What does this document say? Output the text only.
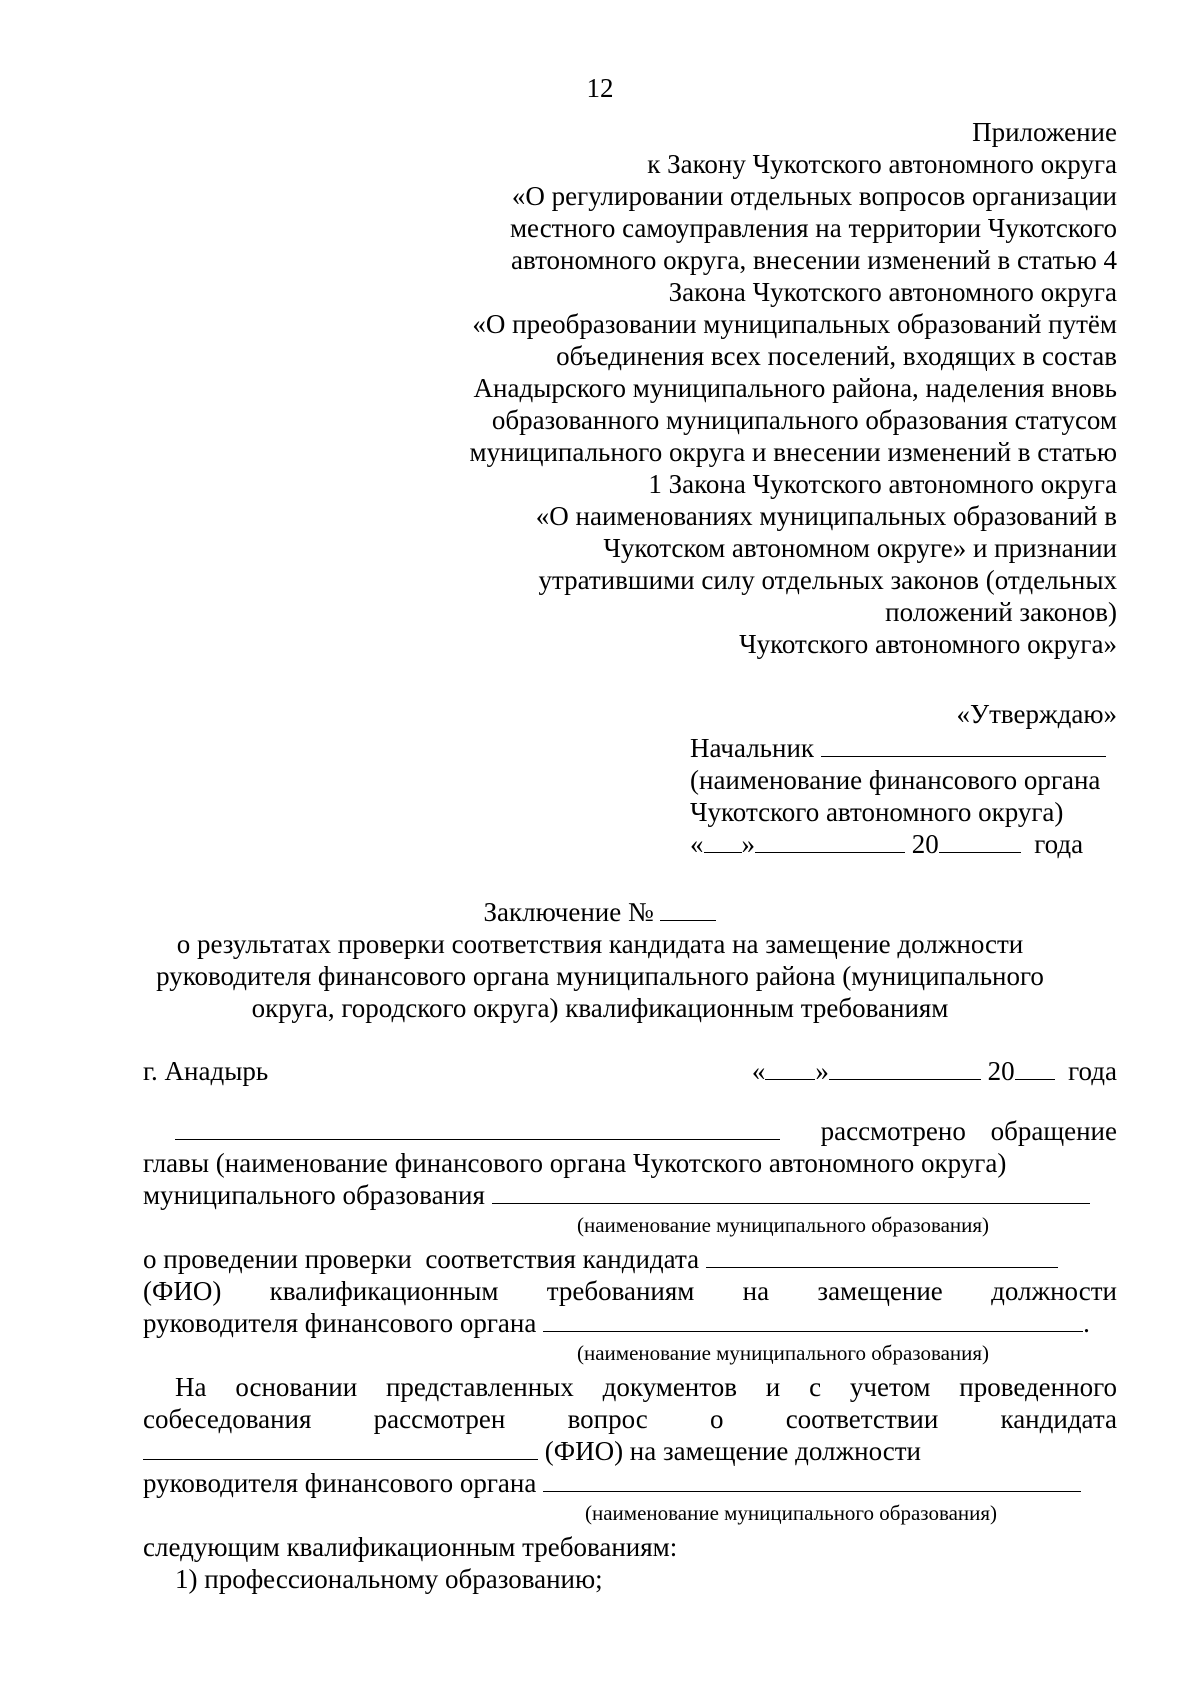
12
Приложение
к Закону Чукотского автономного округа
«О регулировании отдельных вопросов организации
местного самоуправления на территории Чукотского
автономного округа, внесении изменений в статью 4
Закона Чукотского автономного округа
«О преобразовании муниципальных образований путём
объединения всех поселений, входящих в состав
Анадырского муниципального района, наделения вновь
образованного муниципального образования статусом
муниципального округа и внесении изменений в статью
1 Закона Чукотского автономного округа
«О наименованиях муниципальных образований в
Чукотском автономном округе» и признании
утратившими силу отдельных законов (отдельных
положений законов)
Чукотского автономного округа»
«Утверждаю»
Начальник
(наименование финансового органа
Чукотского автономного округа)
« »	20	года
Заключение №
о результатах проверки соответствия кандидата на замещение должности
руководителя финансового органа муниципального района (муниципального
округа, городского округа) квалификационным требованиям
г. Анадырь	« »	20 года
рассмотрено обращение
главы (наименование финансового органа Чукотского автономного округа)
муниципального образования
(наименование муниципального образования)
о проведении проверки  соответствия кандидата
(ФИО) квалификационным требованиям на замещение должности
руководителя финансового органа	.
(наименование муниципального образования)
На основании представленных документов и с учетом проведенного
собеседования рассмотрен вопрос о соответствии кандидата
(ФИО) на замещение должности
руководителя финансового органа
(наименование муниципального образования)
следующим квалификационным требованиям:
1) профессиональному образованию;
